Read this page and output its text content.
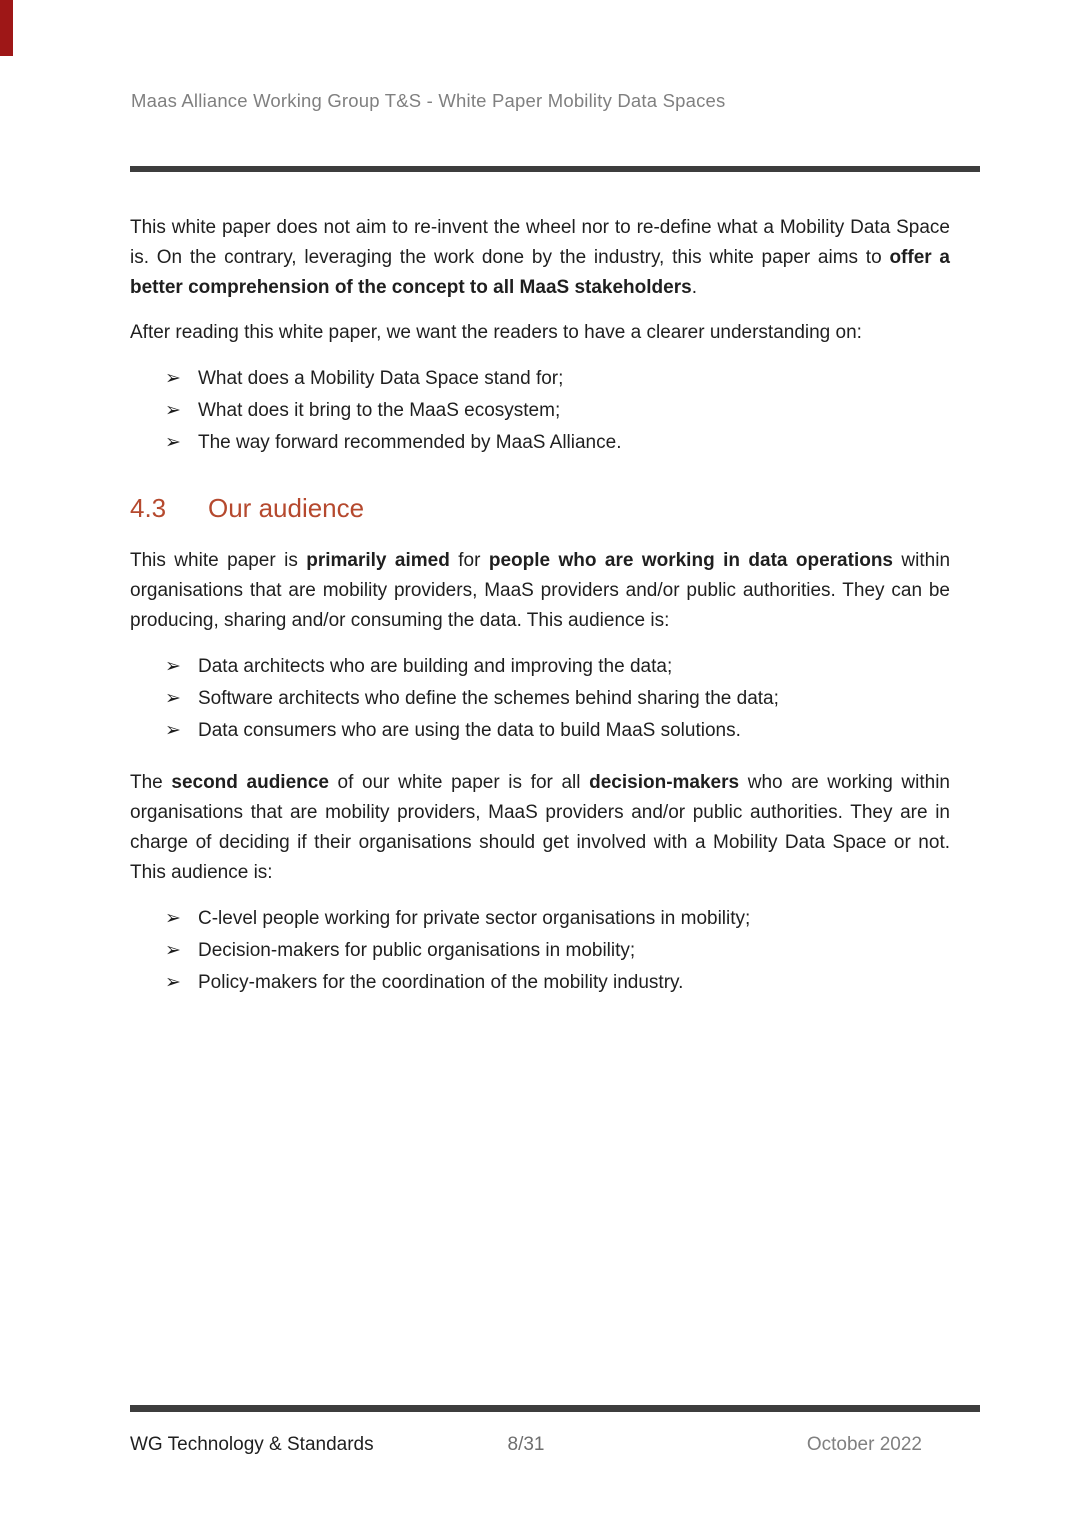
Maas Alliance Working Group T&S - White Paper Mobility Data Spaces

This white paper does not aim to re-invent the wheel nor to re-define what a Mobility Data Space is. On the contrary, leveraging the work done by the industry, this white paper aims to offer a better comprehension of the concept to all MaaS stakeholders.

After reading this white paper, we want the readers to have a clearer understanding on:

➢ What does a Mobility Data Space stand for;
➢ What does it bring to the MaaS ecosystem;
➢ The way forward recommended by MaaS Alliance.
4.3 Our audience

This white paper is primarily aimed for people who are working in data operations within organisations that are mobility providers, MaaS providers and/or public authorities. They can be producing, sharing and/or consuming the data. This audience is:

➢ Data architects who are building and improving the data;
➢ Software architects who define the schemes behind sharing the data;
➢ Data consumers who are using the data to build MaaS solutions.

The second audience of our white paper is for all decision-makers who are working within organisations that are mobility providers, MaaS providers and/or public authorities. They are in charge of deciding if their organisations should get involved with a Mobility Data Space or not. This audience is:

➢ C-level people working for private sector organisations in mobility;
➢ Decision-makers for public organisations in mobility;
➢ Policy-makers for the coordination of the mobility industry.
WG Technology & Standards	8/31	October 2022
